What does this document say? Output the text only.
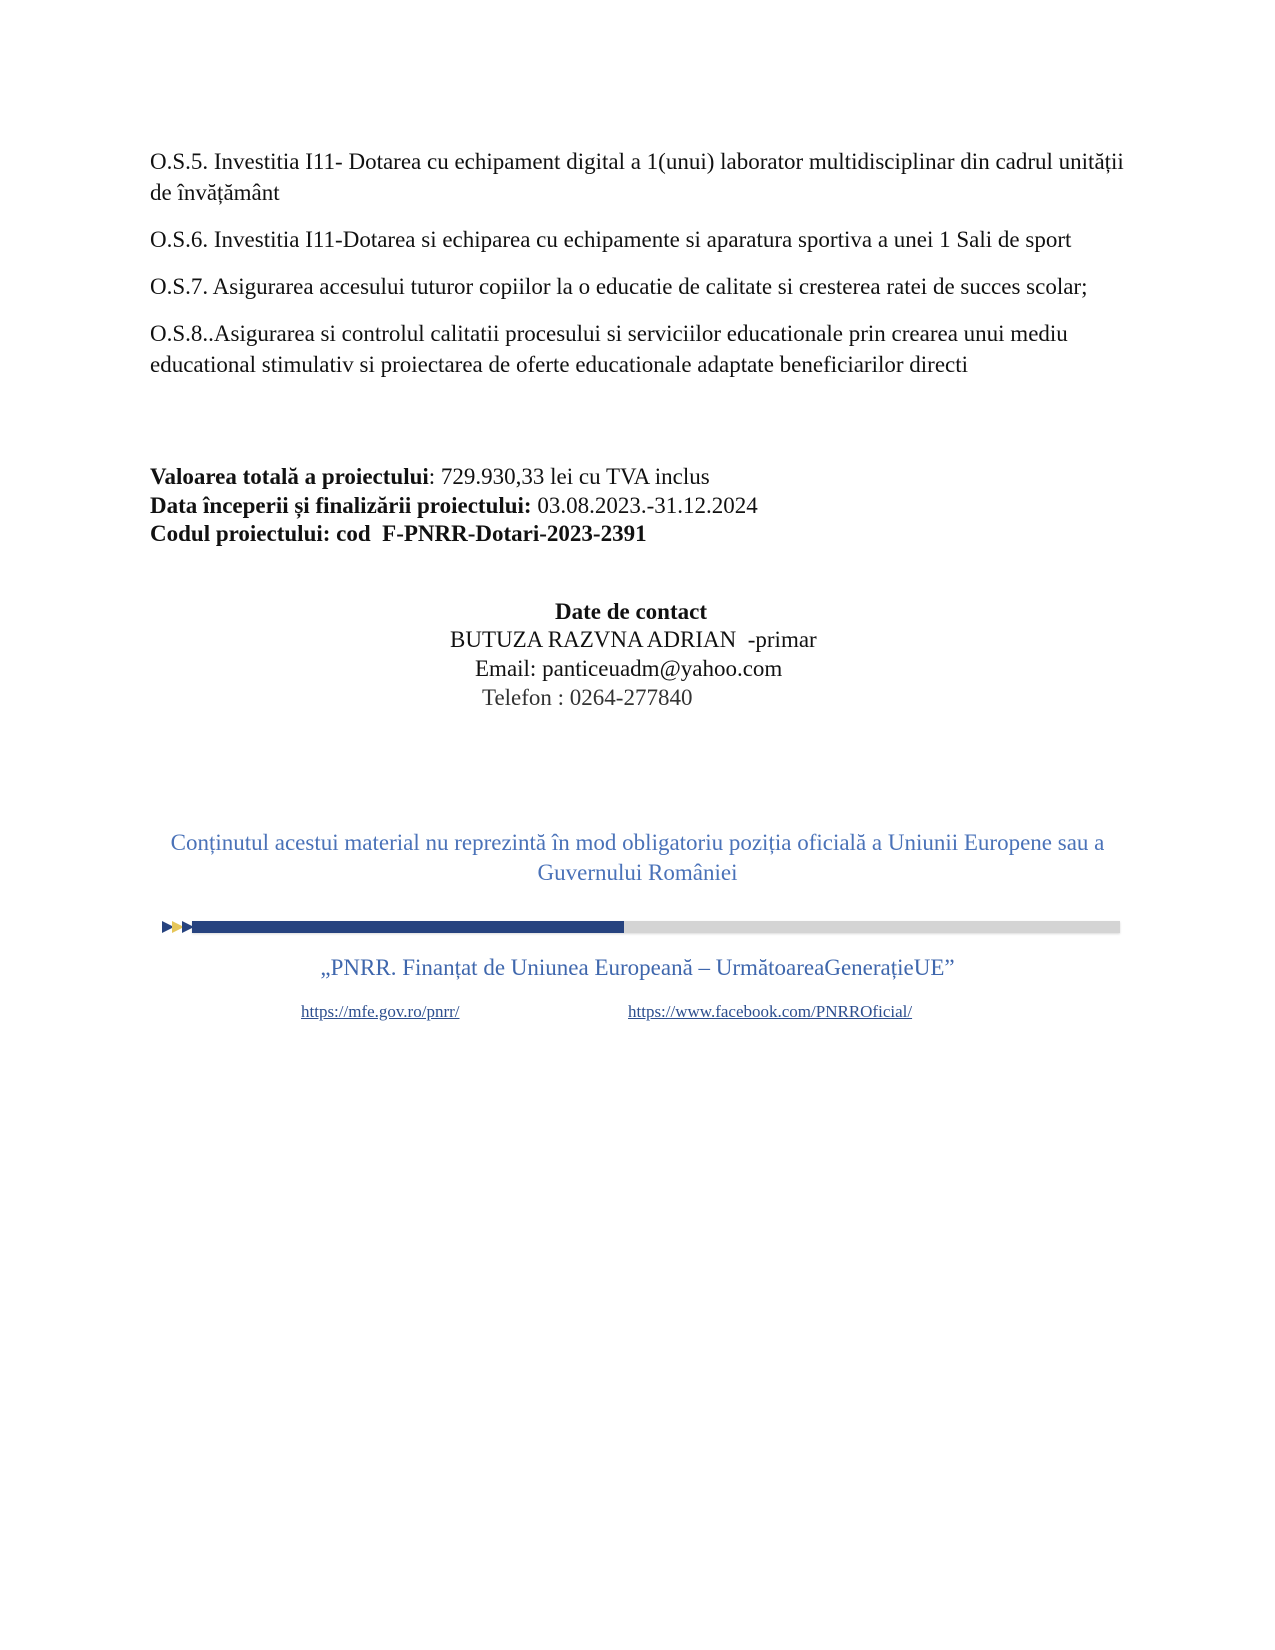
O.S.5. Investitia I11- Dotarea cu echipament digital a 1(unui) laborator multidisciplinar din cadrul unității de învățământ

O.S.6. Investitia I11-Dotarea si echiparea cu echipamente si aparatura sportiva a unei 1 Sali de sport

O.S.7. Asigurarea accesului tuturor copiilor la o educatie de calitate si cresterea ratei de succes scolar;

O.S.8..Asigurarea si controlul calitatii procesului si serviciilor educationale prin crearea unui mediu educational stimulativ si proiectarea de oferte educationale adaptate beneficiarilor directi

Valoarea totală a proiectului: 729.930,33 lei cu TVA inclus

Data începerii și finalizării proiectului: 03.08.2023.-31.12.2024

Codul proiectului: cod  F-PNRR-Dotari-2023-2391

Date de contact
BUTUZA RAZVNA ADRIAN  -primar
Email: panticeuadm@yahoo.com
Telefon : 0264-277840
Conținutul acestui material nu reprezintă în mod obligatoriu poziția oficială a Uniunii Europene sau a Guvernului României
„PNRR. Finanțat de Uniunea Europeană – UrmătoareaGenerațieUE”
https://mfe.gov.ro/pnrr/	https://www.facebook.com/PNRROficial/
